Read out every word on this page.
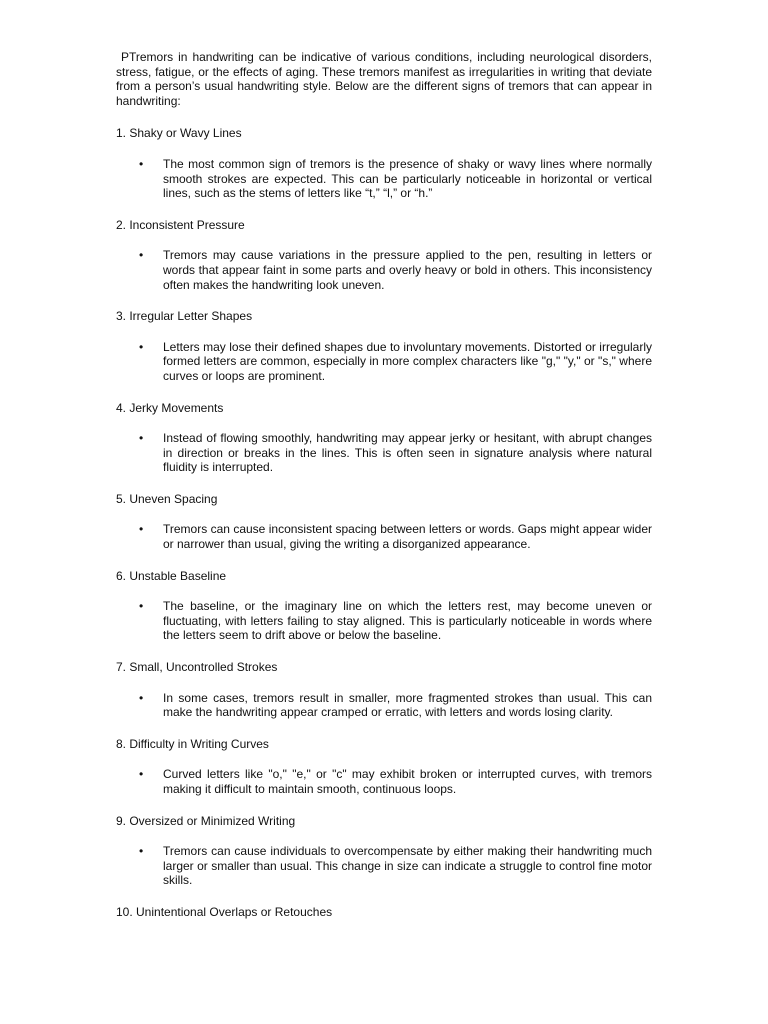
PTremors in handwriting can be indicative of various conditions, including neurological disorders, stress, fatigue, or the effects of aging. These tremors manifest as irregularities in writing that deviate from a person’s usual handwriting style. Below are the different signs of tremors that can appear in handwriting:

1. Shaky or Wavy Lines
•	The most common sign of tremors is the presence of shaky or wavy lines where normally smooth strokes are expected. This can be particularly noticeable in horizontal or vertical lines, such as the stems of letters like “t,” “l,” or “h.”
2. Inconsistent Pressure
•	Tremors may cause variations in the pressure applied to the pen, resulting in letters or words that appear faint in some parts and overly heavy or bold in others. This inconsistency often makes the handwriting look uneven.
3. Irregular Letter Shapes
•	Letters may lose their defined shapes due to involuntary movements. Distorted or irregularly formed letters are common, especially in more complex characters like "g," "y," or "s," where curves or loops are prominent.
4. Jerky Movements
•	Instead of flowing smoothly, handwriting may appear jerky or hesitant, with abrupt changes in direction or breaks in the lines. This is often seen in signature analysis where natural fluidity is interrupted.
5. Uneven Spacing
•	Tremors can cause inconsistent spacing between letters or words. Gaps might appear wider or narrower than usual, giving the writing a disorganized appearance.
6. Unstable Baseline
•	The baseline, or the imaginary line on which the letters rest, may become uneven or fluctuating, with letters failing to stay aligned. This is particularly noticeable in words where the letters seem to drift above or below the baseline.
7. Small, Uncontrolled Strokes
•	In some cases, tremors result in smaller, more fragmented strokes than usual. This can make the handwriting appear cramped or erratic, with letters and words losing clarity.
8. Difficulty in Writing Curves
•	Curved letters like "o," "e," or "c" may exhibit broken or interrupted curves, with tremors making it difficult to maintain smooth, continuous loops.
9. Oversized or Minimized Writing
•	Tremors can cause individuals to overcompensate by either making their handwriting much larger or smaller than usual. This change in size can indicate a struggle to control fine motor skills.
10. Unintentional Overlaps or Retouches
